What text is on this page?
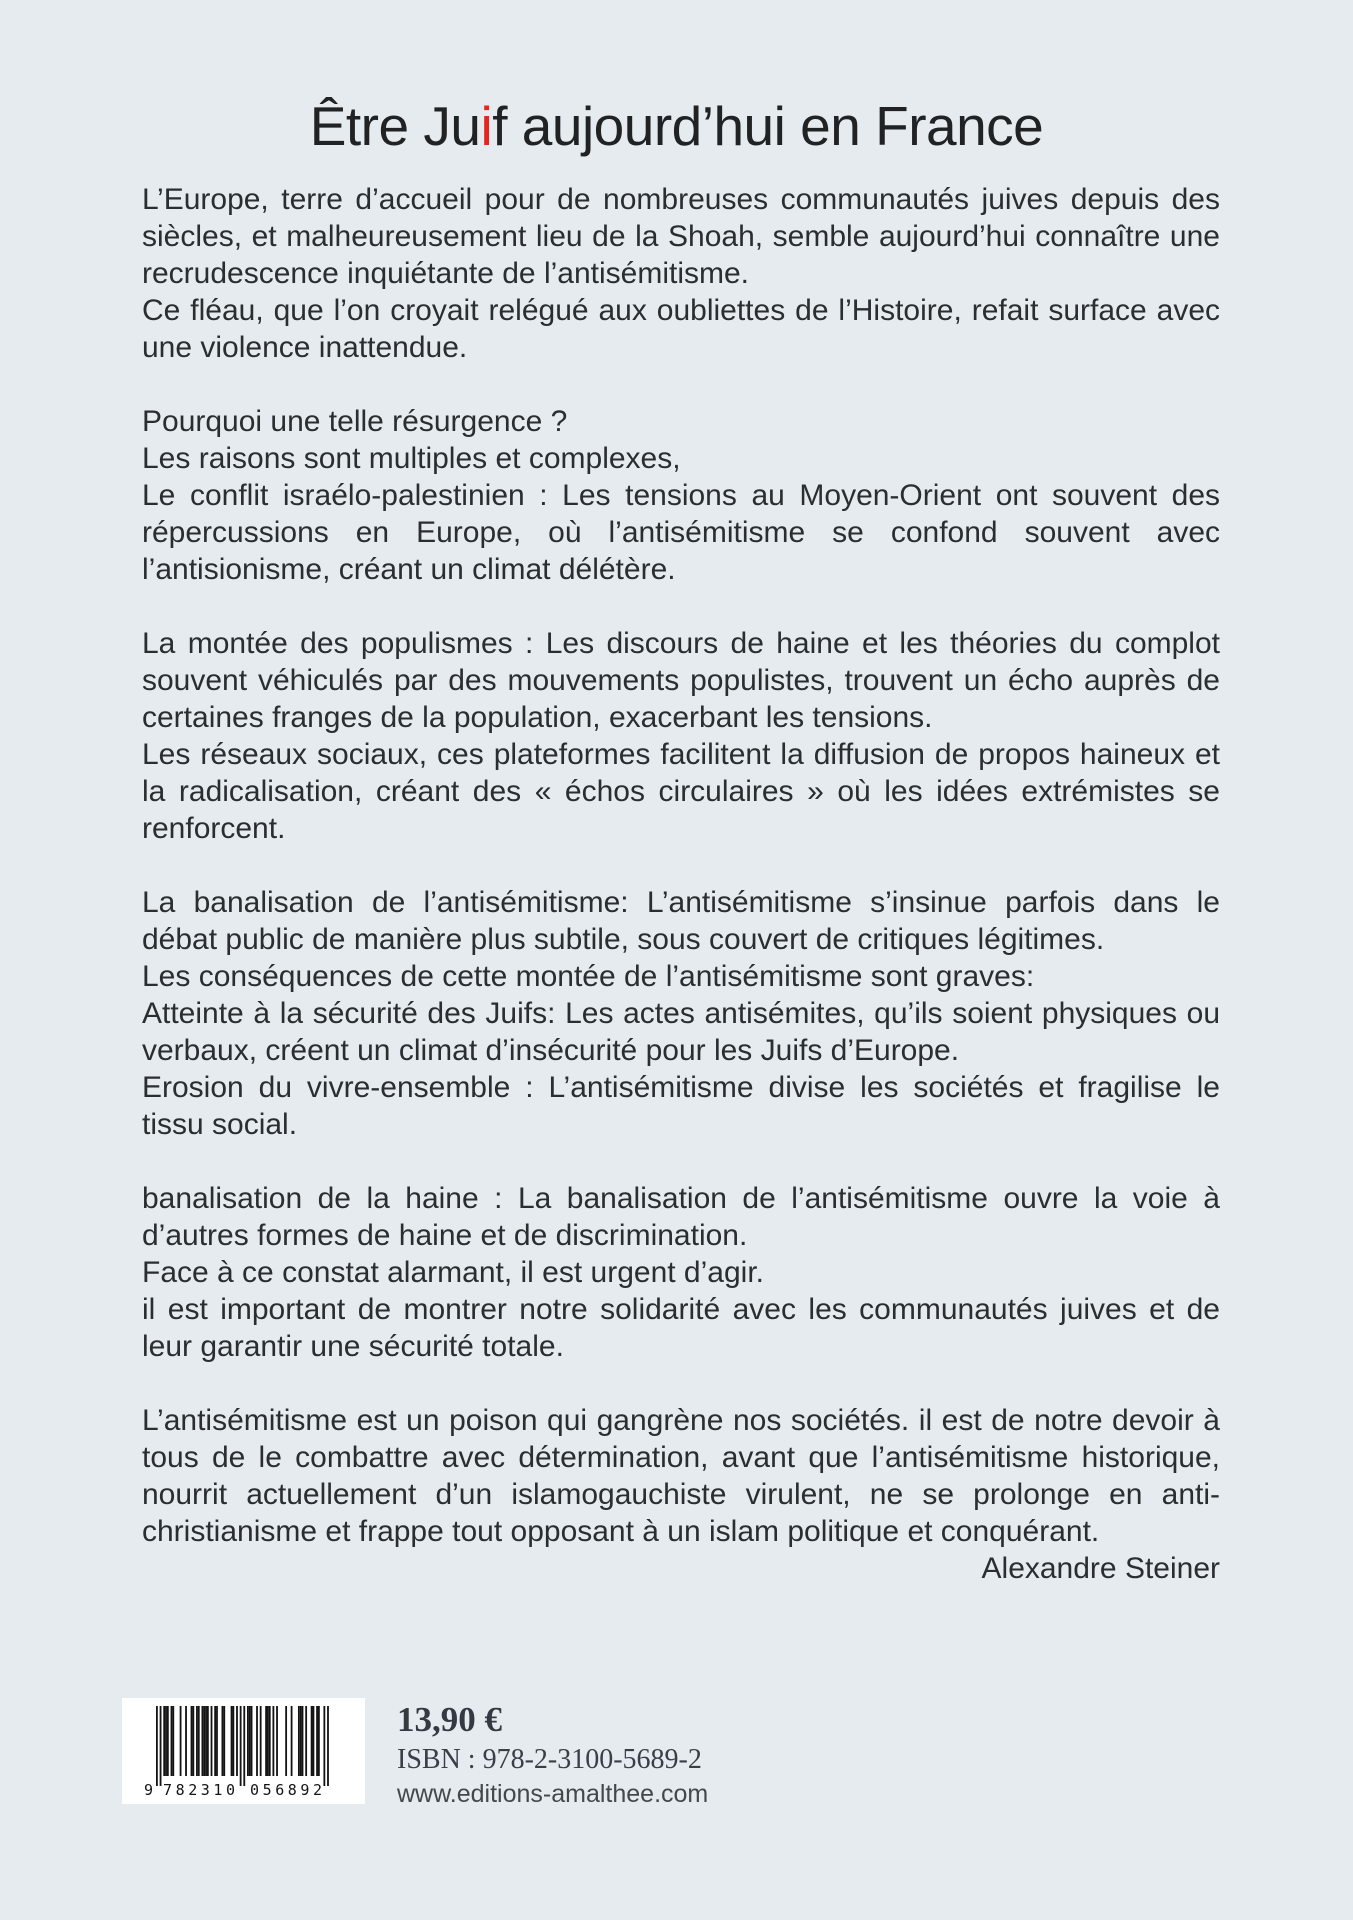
Être Juif aujourd’hui en France

L’Europe, terre d’accueil pour de nombreuses communautés juives depuis des siècles, et malheureusement lieu de la Shoah, semble aujourd’hui connaître une recrudescence inquiétante de l’antisémitisme.

Ce fléau, que l’on croyait relégué aux oubliettes de l’Histoire, refait surface avec une violence inattendue.

Pourquoi une telle résurgence ?

Les raisons sont multiples et complexes,

Le conflit israélo-palestinien : Les tensions au Moyen-Orient ont souvent des répercussions en Europe, où l’antisémitisme se confond souvent avec l’antisionisme, créant un climat délétère.

La montée des populismes : Les discours de haine et les théories du complot souvent véhiculés par des mouvements populistes, trouvent un écho auprès de certaines franges de la population, exacerbant les tensions.

Les réseaux sociaux, ces plateformes facilitent la diffusion de propos haineux et la radicalisation, créant des « échos circulaires » où les idées extrémistes se renforcent.

La banalisation de l’antisémitisme: L’antisémitisme s’insinue parfois dans le débat public de manière plus subtile, sous couvert de critiques légitimes.

Les conséquences de cette montée de l’antisémitisme sont graves:

Atteinte à la sécurité des Juifs: Les actes antisémites, qu’ils soient physiques ou verbaux, créent un climat d’insécurité pour les Juifs d’Europe.

Erosion du vivre-ensemble : L’antisémitisme divise les sociétés et fragilise le tissu social.

banalisation de la haine : La banalisation de l’antisémitisme ouvre la voie à d’autres formes de haine et de discrimination.

Face à ce constat alarmant, il est urgent d’agir.

il est important de montrer notre solidarité avec les communautés juives et de leur garantir une sécurité totale.

L’antisémitisme est un poison qui gangrène nos sociétés. il est de notre devoir à tous de le combattre avec détermination, avant que l’antisémitisme historique, nourrit actuellement d’un islamogauchiste virulent, ne se prolonge en anti-christianisme et frappe tout opposant à un islam politique et conquérant.

Alexandre Steiner
9 782310 056892
13,90 €
ISBN : 978-2-3100-5689-2
www.editions-amalthee.com
